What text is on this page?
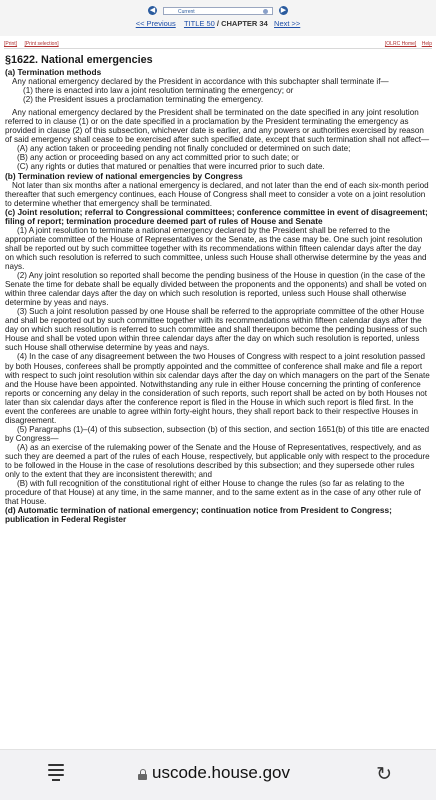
◀	Current	▶
<< Previous TITLE 50 / CHAPTER 34   Next >>
[Print] [Print selection]	[OLRC Home] Help
§1622. National emergencies
(a) Termination methods
Any national emergency declared by the President in accordance with this subchapter shall terminate if—
(1) there is enacted into law a joint resolution terminating the emergency; or
(2) the President issues a proclamation terminating the emergency.
Any national emergency declared by the President shall be terminated on the date specified in any joint resolution referred to in clause (1) or on the date specified in a proclamation by the President terminating the emergency as provided in clause (2) of this subsection, whichever date is earlier, and any powers or authorities exercised by reason of said emergency shall cease to be exercised after such specified date, except that such termination shall not affect—
(A) any action taken or proceeding pending not finally concluded or determined on such date;
(B) any action or proceeding based on any act committed prior to such date; or
(C) any rights or duties that matured or penalties that were incurred prior to such date.
(b) Termination review of national emergencies by Congress
Not later than six months after a national emergency is declared, and not later than the end of each six-month period thereafter that such emergency continues, each House of Congress shall meet to consider a vote on a joint resolution to determine whether that emergency shall be terminated.
(c) Joint resolution; referral to Congressional committees; conference committee in event of disagreement; filing of report; termination procedure deemed part of rules of House and Senate
(1) A joint resolution to terminate a national emergency declared by the President shall be referred to the appropriate committee of the House of Representatives or the Senate, as the case may be. One such joint resolution shall be reported out by such committee together with its recommendations within fifteen calendar days after the day on which such resolution is referred to such committee, unless such House shall otherwise determine by the yeas and nays.
(2) Any joint resolution so reported shall become the pending business of the House in question (in the case of the Senate the time for debate shall be equally divided between the proponents and the opponents) and shall be voted on within three calendar days after the day on which such resolution is reported, unless such House shall otherwise determine by yeas and nays.
(3) Such a joint resolution passed by one House shall be referred to the appropriate committee of the other House and shall be reported out by such committee together with its recommendations within fifteen calendar days after the day on which such resolution is referred to such committee and shall thereupon become the pending business of such House and shall be voted upon within three calendar days after the day on which such resolution is reported, unless such House shall otherwise determine by yeas and nays.
(4) In the case of any disagreement between the two Houses of Congress with respect to a joint resolution passed by both Houses, conferees shall be promptly appointed and the committee of conference shall make and file a report with respect to such joint resolution within six calendar days after the day on which managers on the part of the Senate and the House have been appointed. Notwithstanding any rule in either House concerning the printing of conference reports or concerning any delay in the consideration of such reports, such report shall be acted on by both Houses not later than six calendar days after the conference report is filed in the House in which such report is filed first. In the event the conferees are unable to agree within forty-eight hours, they shall report back to their respective Houses in disagreement.
(5) Paragraphs (1)–(4) of this subsection, subsection (b) of this section, and section 1651(b) of this title are enacted by Congress—
(A) as an exercise of the rulemaking power of the Senate and the House of Representatives, respectively, and as such they are deemed a part of the rules of each House, respectively, but applicable only with respect to the procedure to be followed in the House in the case of resolutions described by this subsection; and they supersede other rules only to the extent that they are inconsistent therewith; and
(B) with full recognition of the constitutional right of either House to change the rules (so far as relating to the procedure of that House) at any time, in the same manner, and to the same extent as in the case of any other rule of that House.
(d) Automatic termination of national emergency; continuation notice from President to Congress; publication in Federal Register
uscode.house.gov	↻
